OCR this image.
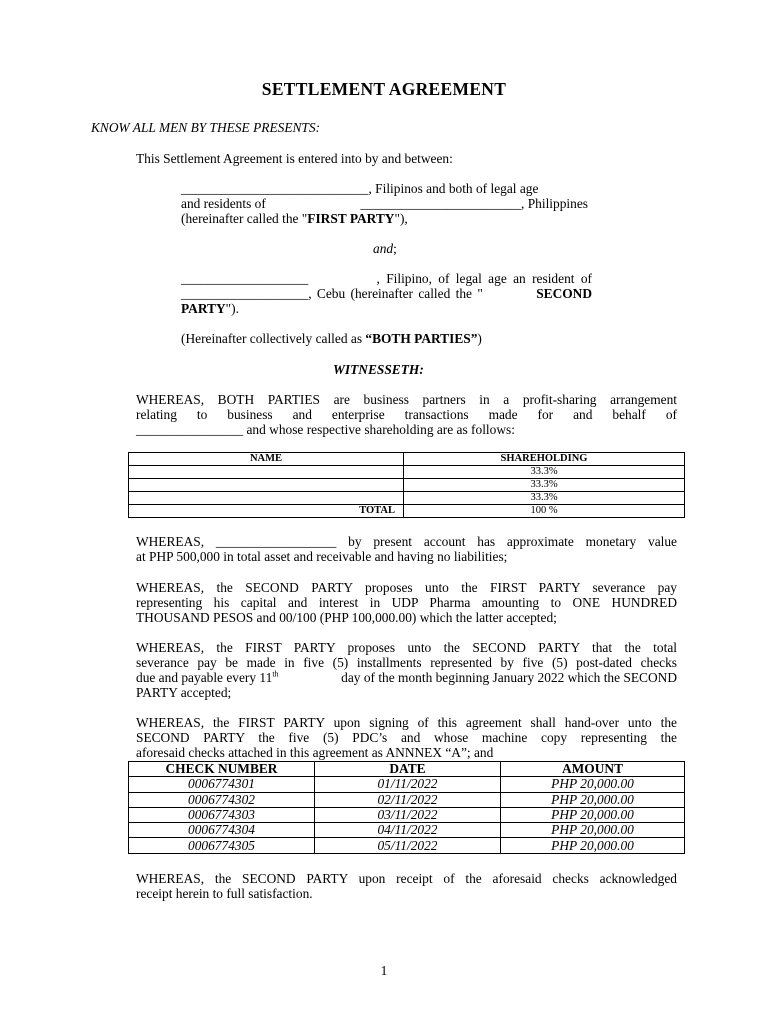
SETTLEMENT AGREEMENT
KNOW ALL MEN BY THESE PRESENTS:
This Settlement Agreement is entered into by and between:
____________________________, Filipinos and both of legal age
and residents of	________________________, Philippines
(hereinafter called the "FIRST PARTY"),
and;
___________________	, Filipino, of legal age an resident of
___________________, Cebu (hereinafter called the "	SECOND
PARTY").
(Hereinafter collectively called as “BOTH PARTIES”)
WITNESSETH:
WHEREAS, BOTH PARTIES are business partners in a profit-sharing arrangement
relating to business and enterprise transactions made for and behalf of
________________ and whose respective shareholding are as follows:
NAME	SHAREHOLDING
	33.3%
	33.3%
	33.3%
TOTAL	100 %
WHEREAS, __________________ by present account has approximate monetary value
at PHP 500,000 in total asset and receivable and having no liabilities;
WHEREAS, the SECOND PARTY proposes unto the FIRST PARTY severance pay
representing his capital and interest in UDP Pharma amounting to ONE HUNDRED
THOUSAND PESOS and 00/100 (PHP 100,000.00) which the latter accepted;
WHEREAS, the FIRST PARTY proposes unto the SECOND PARTY that the total
severance pay be made in five (5) installments represented by five (5) post-dated checks
due and payable every 11th	day of the month beginning January 2022 which the SECOND
PARTY accepted;
WHEREAS, the FIRST PARTY upon signing of this agreement shall hand-over unto the
SECOND PARTY the five (5) PDC’s and whose machine copy representing the
aforesaid checks attached in this agreement as ANNNEX “A”; and
CHECK NUMBER	DATE	AMOUNT
0006774301	01/11/2022	PHP 20,000.00
0006774302	02/11/2022	PHP 20,000.00
0006774303	03/11/2022	PHP 20,000.00
0006774304	04/11/2022	PHP 20,000.00
0006774305	05/11/2022	PHP 20,000.00
WHEREAS, the SECOND PARTY upon receipt of the aforesaid checks acknowledged
receipt herein to full satisfaction.
1
